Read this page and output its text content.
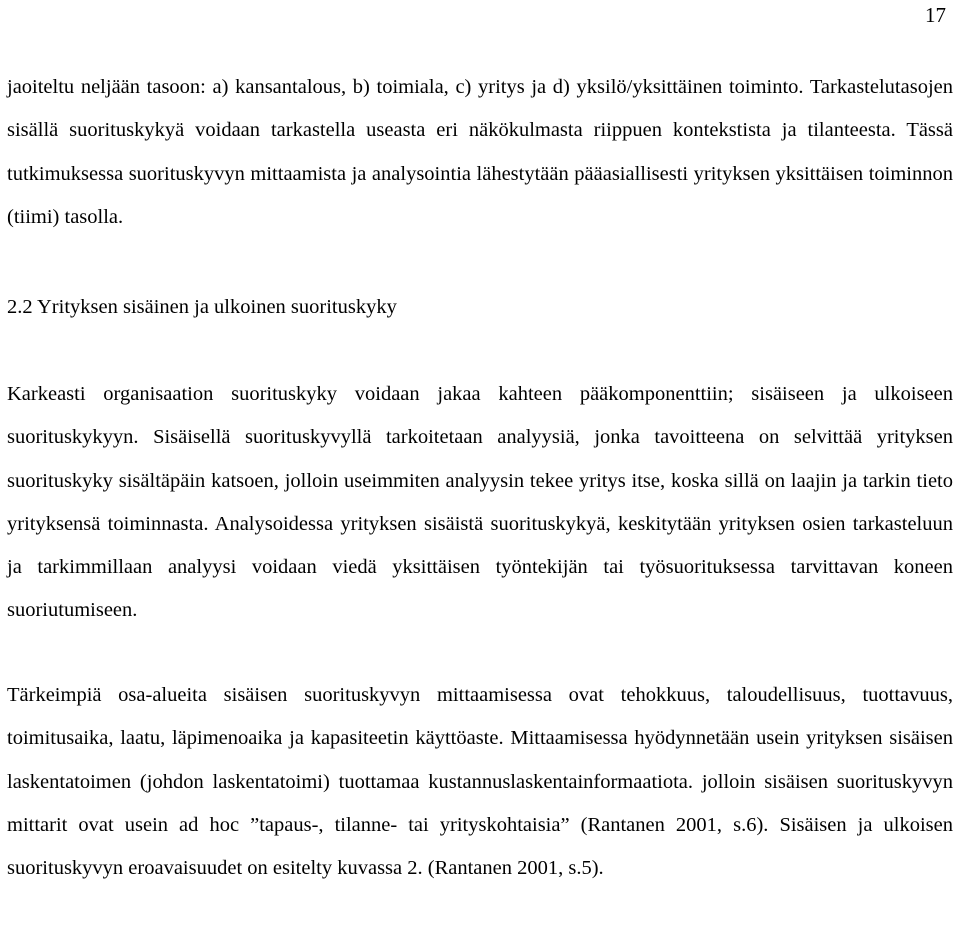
17

jaoiteltu neljään tasoon: a) kansantalous, b) toimiala, c) yritys ja d) yksilö/yksittäinen toiminto. Tarkastelutasojen sisällä suorituskykyä voidaan tarkastella useasta eri näkökulmasta riippuen kontekstista ja tilanteesta. Tässä tutkimuksessa suorituskyvyn mittaamista ja analysointia lähestytään pääasiallisesti yrityksen yksittäisen toiminnon (tiimi) tasolla.

2.2 Yrityksen sisäinen ja ulkoinen suorituskyky

Karkeasti organisaation suorituskyky voidaan jakaa kahteen pääkomponenttiin; sisäiseen ja ulkoiseen suorituskykyyn. Sisäisellä suorituskyvyllä tarkoitetaan analyysiä, jonka tavoitteena on selvittää yrityksen suorituskyky sisältäpäin katsoen, jolloin useimmiten analyysin tekee yritys itse, koska sillä on laajin ja tarkin tieto yrityksensä toiminnasta. Analysoidessa yrityksen sisäistä suorituskykyä, keskitytään yrityksen osien tarkasteluun ja tarkimmillaan analyysi voidaan viedä yksittäisen työntekijän tai työsuorituksessa tarvittavan koneen suoriutumiseen.

Tärkeimpiä osa-alueita sisäisen suorituskyvyn mittaamisessa ovat tehokkuus, taloudellisuus, tuottavuus, toimitusaika, laatu, läpimenoaika ja kapasiteetin käyttöaste. Mittaamisessa hyödynnetään usein yrityksen sisäisen laskentatoimen (johdon laskentatoimi) tuottamaa kustannuslaskentainformaatiota. jolloin sisäisen suorituskyvyn mittarit ovat usein ad hoc ”tapaus-, tilanne- tai yrityskohtaisia” (Rantanen 2001, s.6). Sisäisen ja ulkoisen suorituskyvyn eroavaisuudet on esitelty kuvassa 2. (Rantanen 2001, s.5).
